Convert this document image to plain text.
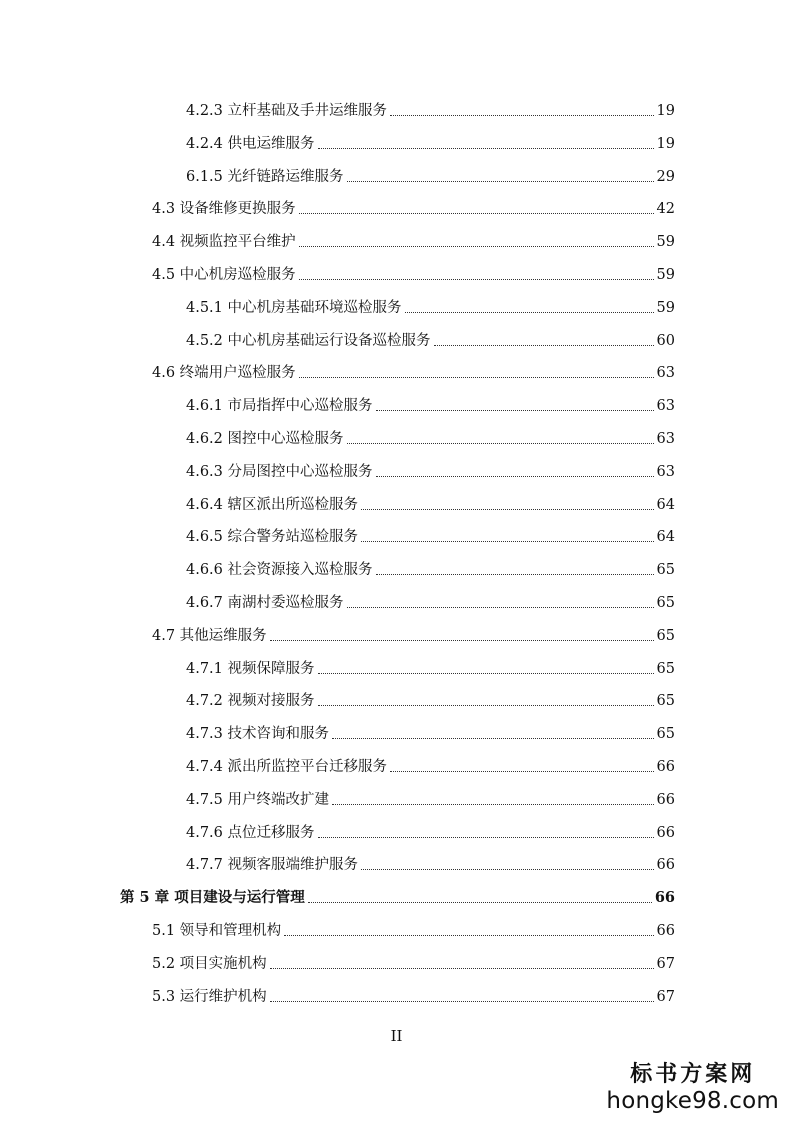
4.2.3 立杆基础及手井运维服务	19
4.2.4 供电运维服务	19
6.1.5 光纤链路运维服务	29
4.3 设备维修更换服务	42
4.4 视频监控平台维护	59
4.5 中心机房巡检服务	59
4.5.1 中心机房基础环境巡检服务	59
4.5.2 中心机房基础运行设备巡检服务	60
4.6 终端用户巡检服务	63
4.6.1 市局指挥中心巡检服务	63
4.6.2 图控中心巡检服务	63
4.6.3 分局图控中心巡检服务	63
4.6.4 辖区派出所巡检服务	64
4.6.5 综合警务站巡检服务	64
4.6.6 社会资源接入巡检服务	65
4.6.7 南湖村委巡检服务	65
4.7 其他运维服务	65
4.7.1 视频保障服务	65
4.7.2 视频对接服务	65
4.7.3 技术咨询和服务	65
4.7.4 派出所监控平台迁移服务	66
4.7.5 用户终端改扩建	66
4.7.6 点位迁移服务	66
4.7.7 视频客服端维护服务	66
第 5 章 项目建设与运行管理	66
5.1 领导和管理机构	66
5.2 项目实施机构	67
5.3 运行维护机构	67
II
标书方案网
hongke98.com
